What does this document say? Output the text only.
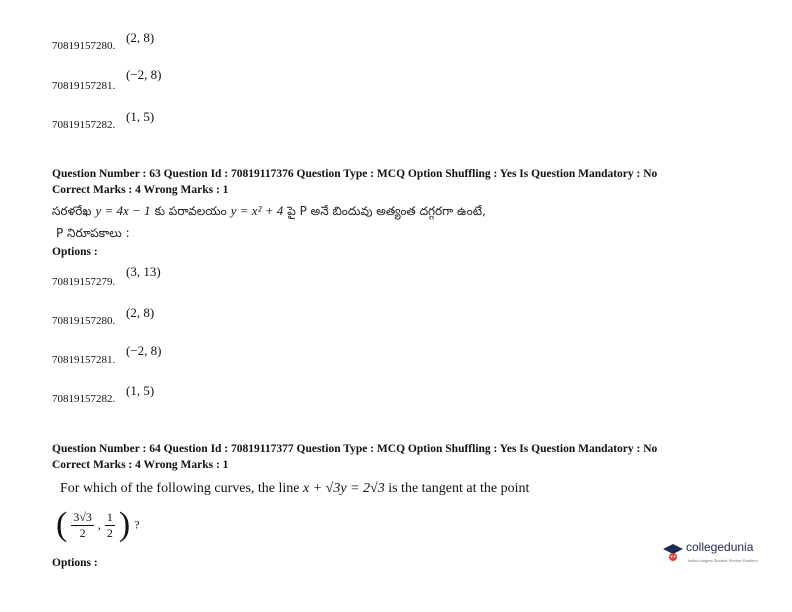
70819157280.
(2, 8)
70819157281.
(−2, 8)
70819157282.
(1, 5)
Question Number : 63 Question Id : 70819117376 Question Type : MCQ Option Shuffling : Yes Is Question Mandatory : No
Correct Marks : 4 Wrong Marks : 1
సరళరేఖ y = 4x − 1 కు పరావలయం y = x² + 4 పై P అనే బిందువు అత్యంత దగ్గరగా ఉంటే,
P నిరూపకాలు :
Options :
70819157279.
(3, 13)
70819157280.
(2, 8)
70819157281.
(−2, 8)
70819157282.
(1, 5)
Question Number : 64 Question Id : 70819117377 Question Type : MCQ Option Shuffling : Yes Is Question Mandatory : No
Correct Marks : 4 Wrong Marks : 1
For which of the following curves, the line x + √3y = 2√3 is the tangent at the point
( $\frac{3√3}{2}$ , $\frac{1}{2}$ ) ?
Options :
collegedunia
India's largest Student Review Platform
